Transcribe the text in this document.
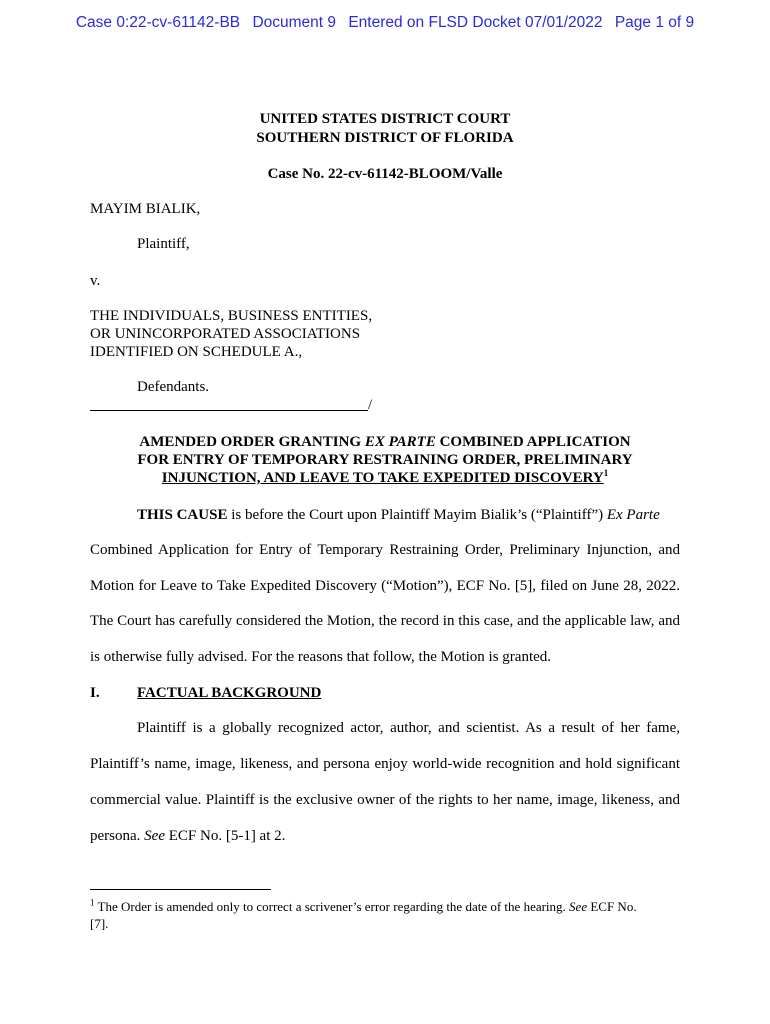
Case 0:22-cv-61142-BB Document 9 Entered on FLSD Docket 07/01/2022 Page 1 of 9
UNITED STATES DISTRICT COURT
SOUTHERN DISTRICT OF FLORIDA
Case No. 22-cv-61142-BLOOM/Valle
MAYIM BIALIK,
Plaintiff,
v.
THE INDIVIDUALS, BUSINESS ENTITIES,
OR UNINCORPORATED ASSOCIATIONS
IDENTIFIED ON SCHEDULE A.,
Defendants.
/
AMENDED ORDER GRANTING EX PARTE COMBINED APPLICATION
FOR ENTRY OF TEMPORARY RESTRAINING ORDER, PRELIMINARY
INJUNCTION, AND LEAVE TO TAKE EXPEDITED DISCOVERY$^1$
THIS CAUSE is before the Court upon Plaintiff Mayim Bialik’s (“Plaintiff”) Ex Parte
Combined Application for Entry of Temporary Restraining Order, Preliminary Injunction, and
Motion for Leave to Take Expedited Discovery (“Motion”), ECF No. [5], filed on June 28, 2022.
The Court has carefully considered the Motion, the record in this case, and the applicable law, and
is otherwise fully advised. For the reasons that follow, the Motion is granted.
I. FACTUAL BACKGROUND
Plaintiff is a globally recognized actor, author, and scientist. As a result of her fame,
Plaintiff’s name, image, likeness, and persona enjoy world-wide recognition and hold significant
commercial value. Plaintiff is the exclusive owner of the rights to her name, image, likeness, and
persona. See ECF No. [5-1] at 2.
$^1$ The Order is amended only to correct a scrivener’s error regarding the date of the hearing. See ECF No.
[7].
